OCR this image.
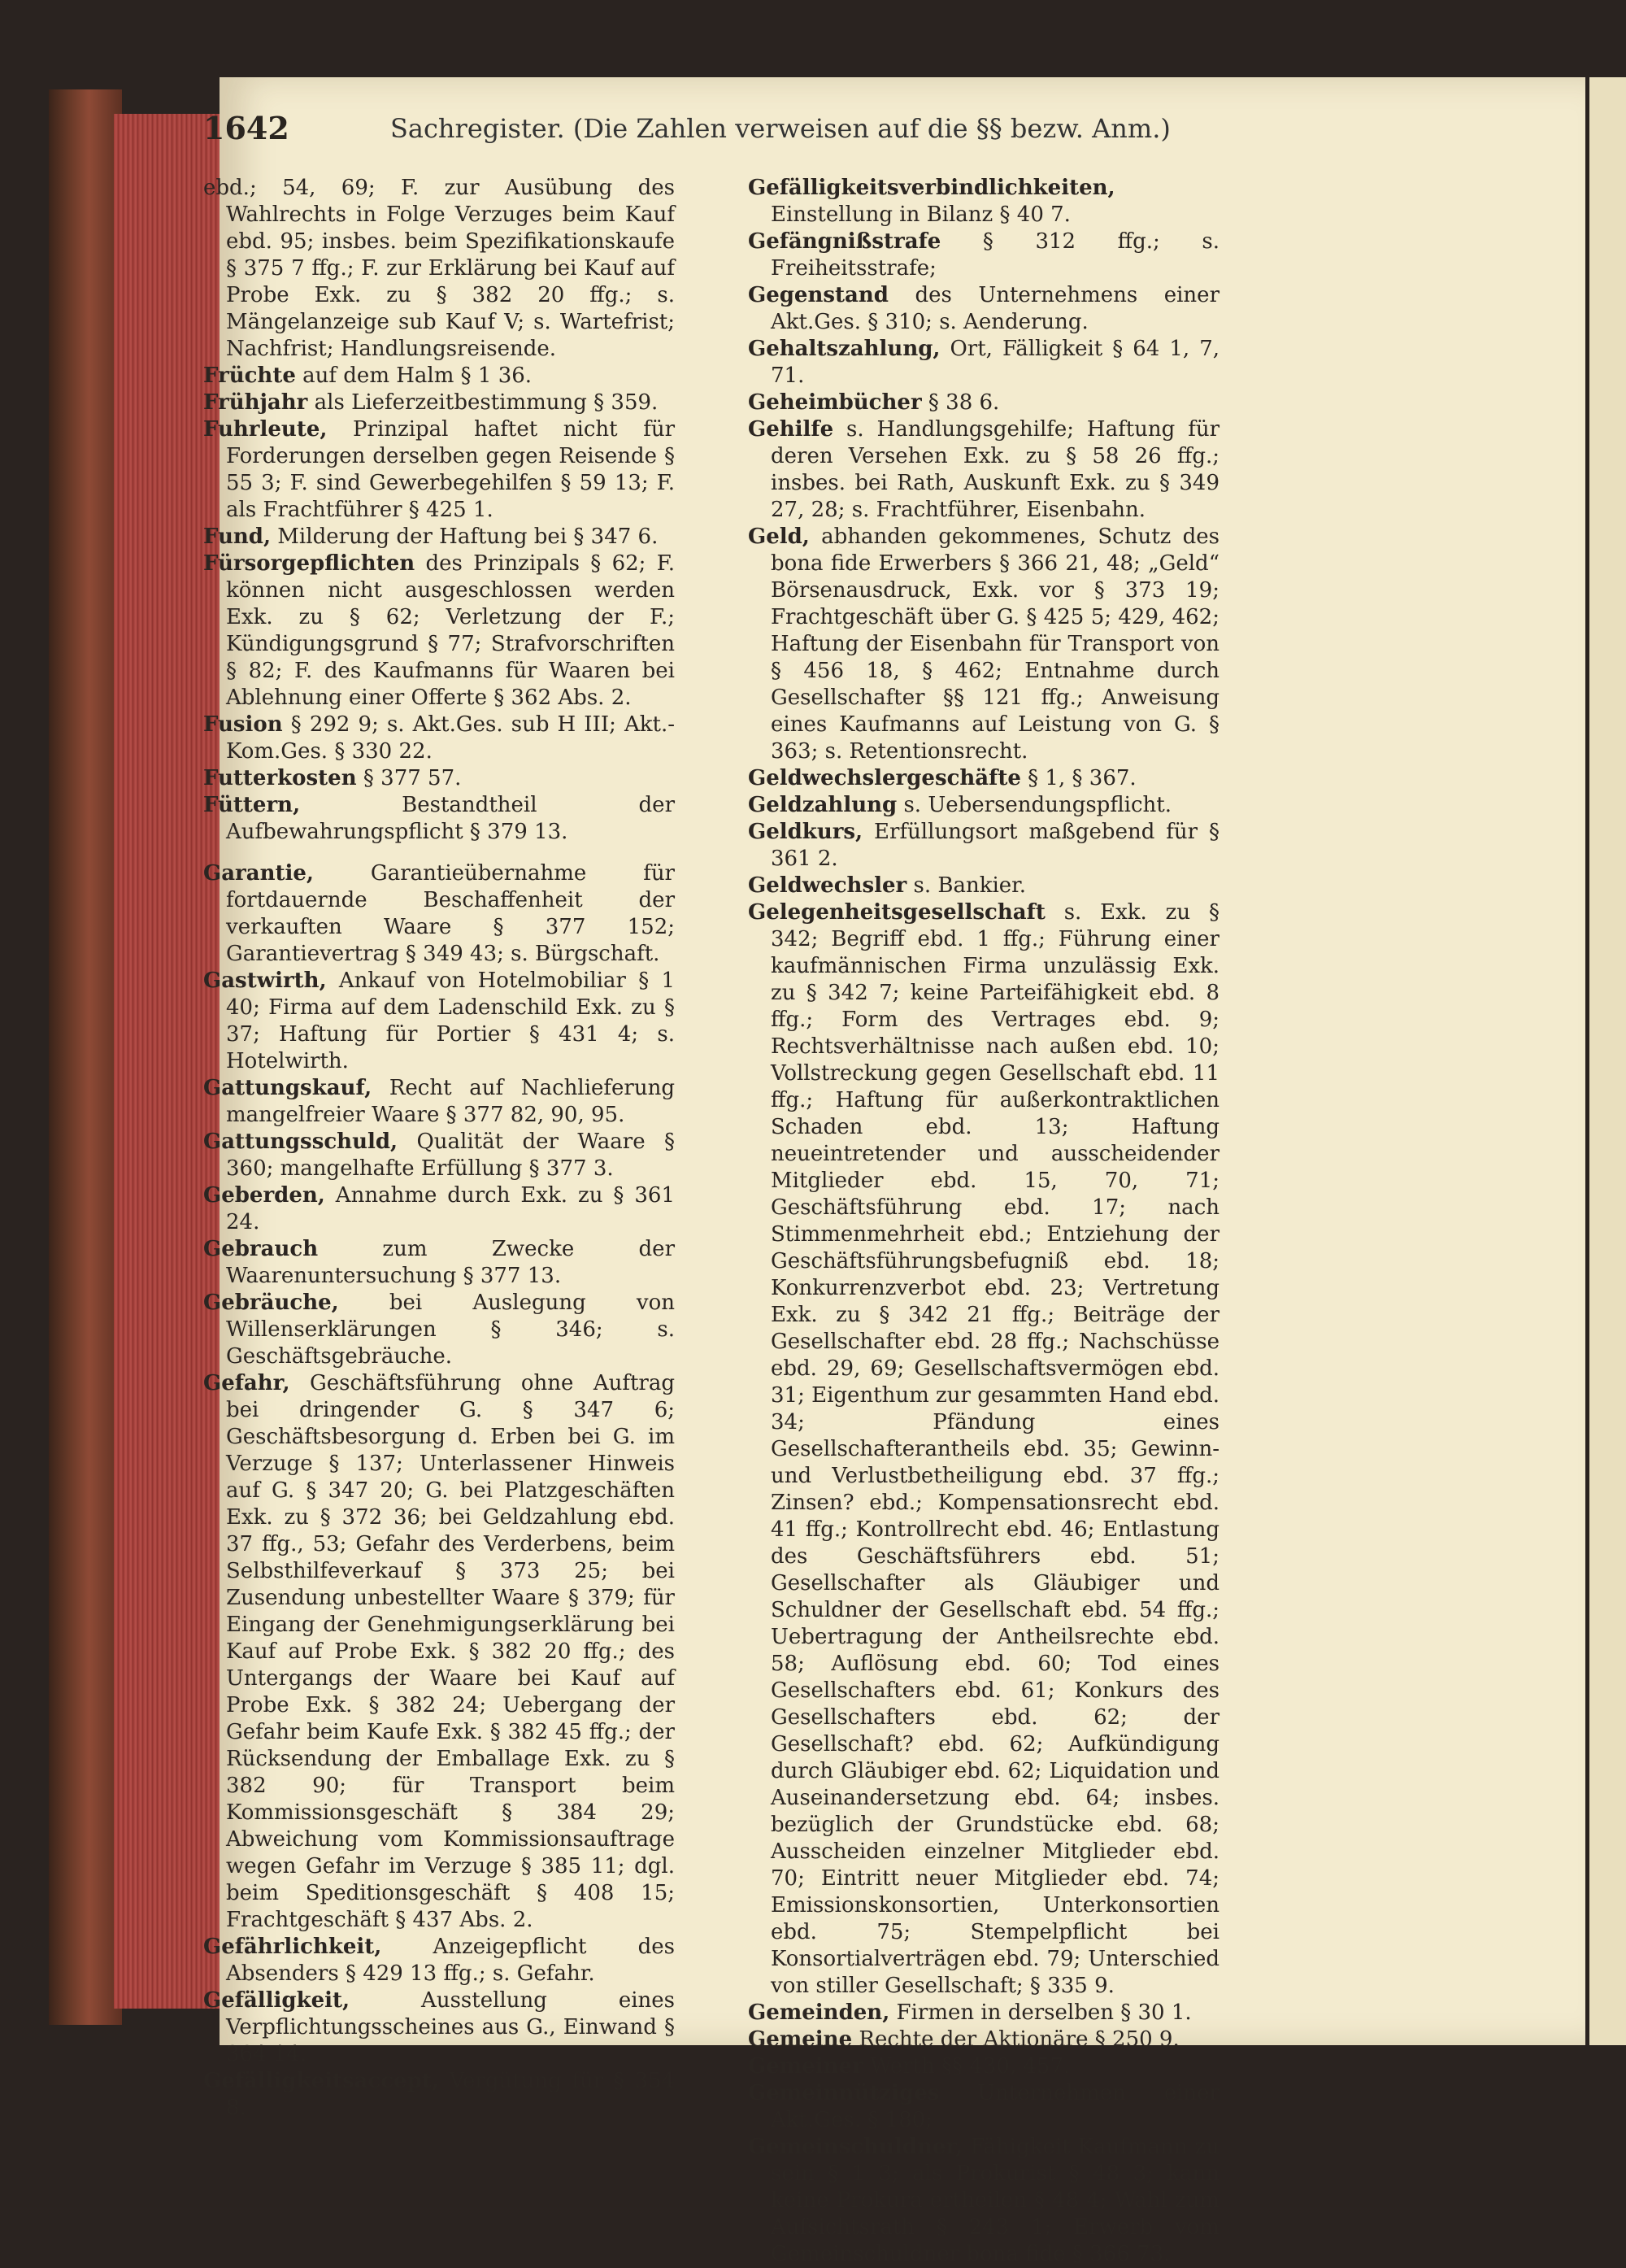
1642	Sachregister. (Die Zahlen verweisen auf die §§ bezw. Anm.)
ebd.; 54, 69; F. zur Ausübung des Wahlrechts in Folge Verzuges beim Kauf ebd. 95; insbes. beim Spezifikationskaufe § 375 7 ffg.; F. zur Erklärung bei Kauf auf Probe Exk. zu § 382 20 ffg.; s. Mängelanzeige sub Kauf V; s. Wartefrist; Nachfrist; Handlungsreisende.
Früchte auf dem Halm § 1 36.
Frühjahr als Lieferzeitbestimmung § 359.
Fuhrleute, Prinzipal haftet nicht für Forderungen derselben gegen Reisende § 55 3; F. sind Gewerbegehilfen § 59 13; F. als Frachtführer § 425 1.
Fund, Milderung der Haftung bei § 347 6.
Fürsorgepflichten des Prinzipals § 62; F. können nicht ausgeschlossen werden Exk. zu § 62; Verletzung der F.; Kündigungsgrund § 77; Strafvorschriften § 82; F. des Kaufmanns für Waaren bei Ablehnung einer Offerte § 362 Abs. 2.
Fusion § 292 9; s. Akt.Ges. sub H III; Akt.-Kom.Ges. § 330 22.
Futterkosten § 377 57.
Füttern, Bestandtheil der Aufbewahrungspflicht § 379 13.
Garantie, Garantieübernahme für fortdauernde Beschaffenheit der verkauften Waare § 377 152; Garantievertrag § 349 43; s. Bürgschaft.
Gastwirth, Ankauf von Hotelmobiliar § 1 40; Firma auf dem Ladenschild Exk. zu § 37; Haftung für Portier § 431 4; s. Hotelwirth.
Gattungskauf, Recht auf Nachlieferung mangelfreier Waare § 377 82, 90, 95.
Gattungsschuld, Qualität der Waare § 360; mangelhafte Erfüllung § 377 3.
Geberden, Annahme durch Exk. zu § 361 24.
Gebrauch zum Zwecke der Waarenuntersuchung § 377 13.
Gebräuche, bei Auslegung von Willenserklärungen § 346; s. Geschäftsgebräuche.
Gefahr, Geschäftsführung ohne Auftrag bei dringender G. § 347 6; Geschäftsbesorgung d. Erben bei G. im Verzuge § 137; Unterlassener Hinweis auf G. § 347 20; G. bei Platzgeschäften Exk. zu § 372 36; bei Geldzahlung ebd. 37 ffg., 53; Gefahr des Verderbens, beim Selbsthilfeverkauf § 373 25; bei Zusendung unbestellter Waare § 379; für Eingang der Genehmigungserklärung bei Kauf auf Probe Exk. § 382 20 ffg.; des Untergangs der Waare bei Kauf auf Probe Exk. § 382 24; Uebergang der Gefahr beim Kaufe Exk. § 382 45 ffg.; der Rücksendung der Emballage Exk. zu § 382 90; für Transport beim Kommissionsgeschäft § 384 29; Abweichung vom Kommissionsauftrage wegen Gefahr im Verzuge § 385 11; dgl. beim Speditionsgeschäft § 408 15; Frachtgeschäft § 437 Abs. 2.
Gefährlichkeit, Anzeigepflicht des Absenders § 429 13 ffg.; s. Gefahr.
Gefälligkeit, Ausstellung eines Verpflichtungsscheines aus G., Einwand § 364 14.
Gefälligkeitsaccept, Vergütung für § 354 8.
Gefälligkeitsverbindlichkeiten, Einstellung in Bilanz § 40 7.
Gefängnißstrafe § 312 ffg.; s. Freiheitsstrafe;
Gegenstand des Unternehmens einer Akt.Ges. § 310; s. Aenderung.
Gehaltszahlung, Ort, Fälligkeit § 64 1, 7, 71.
Geheimbücher § 38 6.
Gehilfe s. Handlungsgehilfe; Haftung für deren Versehen Exk. zu § 58 26 ffg.; insbes. bei Rath, Auskunft Exk. zu § 349 27, 28; s. Frachtführer, Eisenbahn.
Geld, abhanden gekommenes, Schutz des bona fide Erwerbers § 366 21, 48; „Geld“ Börsenausdruck, Exk. vor § 373 19; Frachtgeschäft über G. § 425 5; 429, 462; Haftung der Eisenbahn für Transport von § 456 18, § 462; Entnahme durch Gesellschafter §§ 121 ffg.; Anweisung eines Kaufmanns auf Leistung von G. § 363; s. Retentionsrecht.
Geldwechslergeschäfte § 1, § 367.
Geldzahlung s. Uebersendungspflicht.
Geldkurs, Erfüllungsort maßgebend für § 361 2.
Geldwechsler s. Bankier.
Gelegenheitsgesellschaft s. Exk. zu § 342; Begriff ebd. 1 ffg.; Führung einer kaufmännischen Firma unzulässig Exk. zu § 342 7; keine Parteifähigkeit ebd. 8 ffg.; Form des Vertrages ebd. 9; Rechtsverhältnisse nach außen ebd. 10; Vollstreckung gegen Gesellschaft ebd. 11 ffg.; Haftung für außerkontraktlichen Schaden ebd. 13; Haftung neueintretender und ausscheidender Mitglieder ebd. 15, 70, 71; Geschäftsführung ebd. 17; nach Stimmenmehrheit ebd.; Entziehung der Geschäftsführungsbefugniß ebd. 18; Konkurrenzverbot ebd. 23; Vertretung Exk. zu § 342 21 ffg.; Beiträge der Gesellschafter ebd. 28 ffg.; Nachschüsse ebd. 29, 69; Gesellschaftsvermögen ebd. 31; Eigenthum zur gesammten Hand ebd. 34; Pfändung eines Gesellschafterantheils ebd. 35; Gewinn- und Verlustbetheiligung ebd. 37 ffg.; Zinsen? ebd.; Kompensationsrecht ebd. 41 ffg.; Kontrollrecht ebd. 46; Entlastung des Geschäftsführers ebd. 51; Gesellschafter als Gläubiger und Schuldner der Gesellschaft ebd. 54 ffg.; Uebertragung der Antheilsrechte ebd. 58; Auflösung ebd. 60; Tod eines Gesellschafters ebd. 61; Konkurs des Gesellschafters ebd. 62; der Gesellschaft? ebd. 62; Aufkündigung durch Gläubiger ebd. 62; Liquidation und Auseinandersetzung ebd. 64; insbes. bezüglich der Grundstücke ebd. 68; Ausscheiden einzelner Mitglieder ebd. 70; Eintritt neuer Mitglieder ebd. 74; Emissionskonsortien, Unterkonsortien ebd. 75; Stempelpflicht bei Konsortialverträgen ebd. 79; Unterschied von stiller Gesellschaft; § 335 9.
Gemeinden, Firmen in derselben § 30 1.
Gemeine Rechte der Aktionäre § 250 9.
Gemeiner Werth §§ 430, 457.
Gemeinnütziges Unternehmen einer Akt.Ges. § 180;
Gemeinschuldner, Fähigkeit Kaufmann zu sein § 1 3; als Prokurist § 48 3; kann keine Prokura ertheilen § 48 4; Wahl zum Aufsichtsrath § 243 1; Erwerb vom Gemeinschuldner bona fide § 366 73.
